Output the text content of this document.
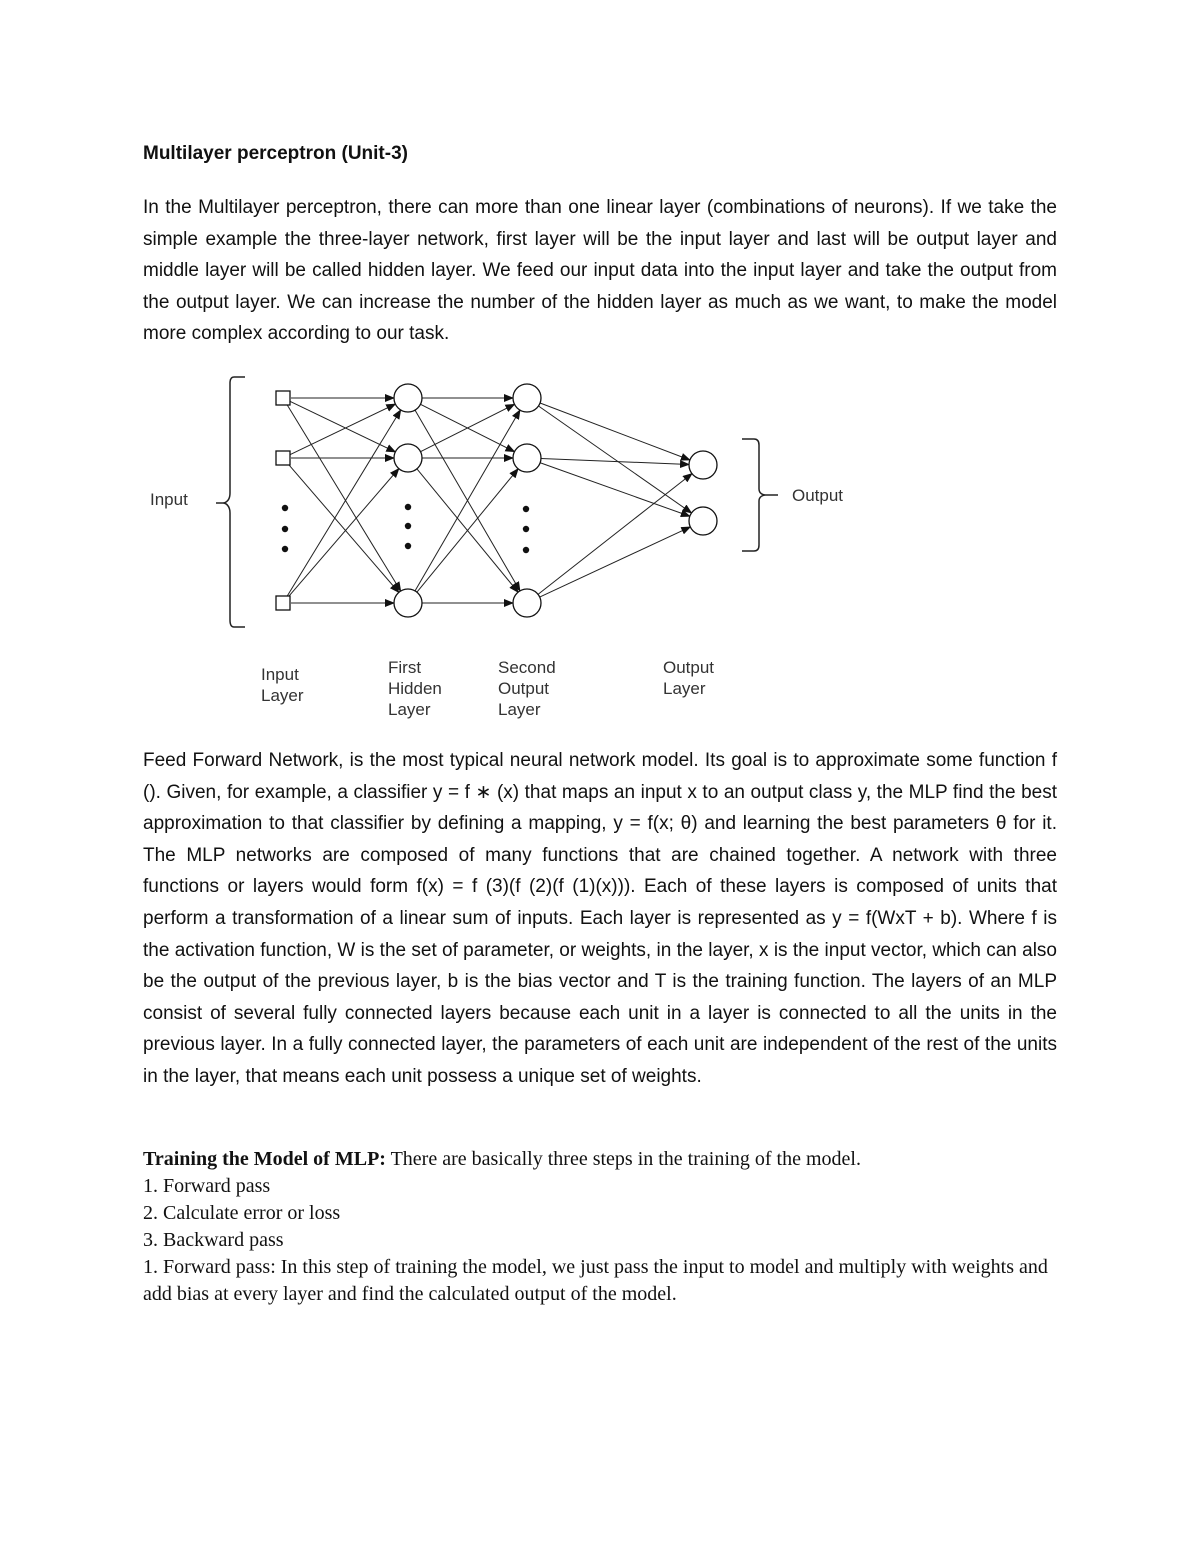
Multilayer perceptron (Unit-3)

In the Multilayer perceptron, there can more than one linear layer (combinations of neurons). If we take the simple example the three-layer network, first layer will be the input layer and last will be output layer and middle layer will be called hidden layer. We feed our input data into the input layer and take the output from the output layer. We can increase the number of the hidden layer as much as we want, to make the model more complex according to our task.

Input	Output
Input Layer
First Hidden Layer
Second Output Layer
Output Layer

Feed Forward Network, is the most typical neural network model. Its goal is to approximate some function f (). Given, for example, a classifier y = f ∗ (x) that maps an input x to an output class y, the MLP find the best approximation to that classifier by defining a mapping, y = f(x; θ) and learning the best parameters θ for it. The MLP networks are composed of many functions that are chained together. A network with three functions or layers would form f(x) = f (3)(f (2)(f (1)(x))). Each of these layers is composed of units that perform a transformation of a linear sum of inputs. Each layer is represented as y = f(WxT + b). Where f is the activation function, W is the set of parameter, or weights, in the layer, x is the input vector, which can also be the output of the previous layer, b is the bias vector and T is the training function. The layers of an MLP consist of several fully connected layers because each unit in a layer is connected to all the units in the previous layer. In a fully connected layer, the parameters of each unit are independent of the rest of the units in the layer, that means each unit possess a unique set of weights.

Training the Model of MLP: There are basically three steps in the training of the model.
1. Forward pass
2. Calculate error or loss
3. Backward pass
1. Forward pass: In this step of training the model, we just pass the input to model and multiply with weights and add bias at every layer and find the calculated output of the model.
